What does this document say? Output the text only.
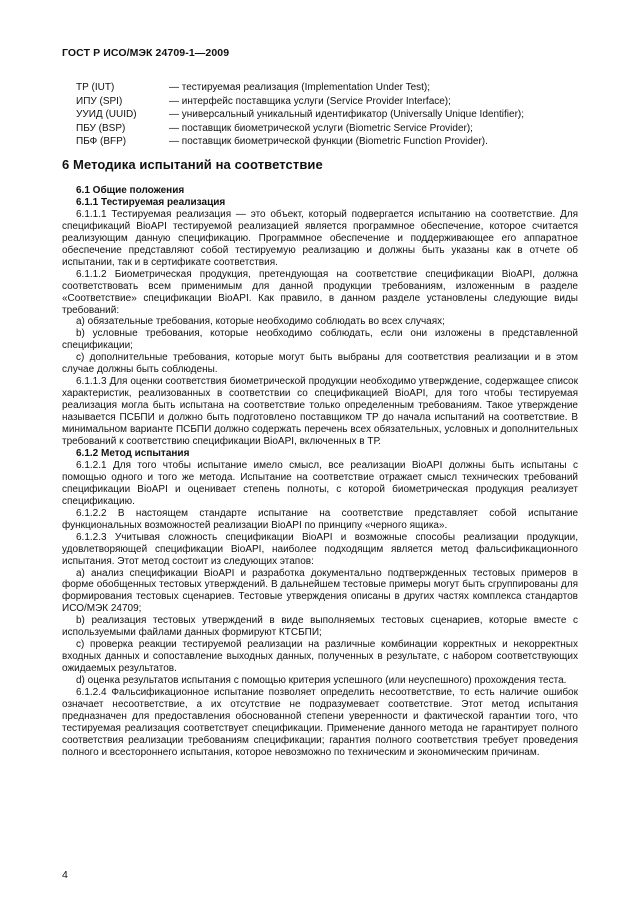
ГОСТ Р ИСО/МЭК 24709-1—2009
ТР (IUT)	— тестируемая реализация (Implementation Under Test);
ИПУ (SPI)	— интерфейс поставщика услуги (Service Provider Interface);
УУИД (UUID)	— универсальный уникальный идентификатор (Universally Unique Identifier);
ПБУ (BSP)	— поставщик биометрической услуги (Biometric Service Provider);
ПБФ (BFP)	— поставщик биометрической функции (Biometric Function Provider).
6 Методика испытаний на соответствие

6.1 Общие положения

6.1.1 Тестируемая реализация

6.1.1.1 Тестируемая реализация — это объект, который подвергается испытанию на соответствие. Для спецификаций BioAPI тестируемой реализацией является программное обеспечение, которое считается реализующим данную спецификацию. Программное обеспечение и поддерживающее его аппаратное обеспечение представляют собой тестируемую реализацию и должны быть указаны как в отчете об испытании, так и в сертификате соответствия.

6.1.1.2 Биометрическая продукция, претендующая на соответствие спецификации BioAPI, должна соответствовать всем применимым для данной продукции требованиям, изложенным в разделе «Соответствие» спецификации BioAPI. Как правило, в данном разделе установлены следующие виды требований:

a) обязательные требования, которые необходимо соблюдать во всех случаях;

b) условные требования, которые необходимо соблюдать, если они изложены в представленной спецификации;

c) дополнительные требования, которые могут быть выбраны для соответствия реализации и в этом случае должны быть соблюдены.

6.1.1.3 Для оценки соответствия биометрической продукции необходимо утверждение, содержащее список характеристик, реализованных в соответствии со спецификацией BioAPI, для того чтобы тестируемая реализация могла быть испытана на соответствие только определенным требованиям. Такое утверждение называется ПСБПИ и должно быть подготовлено поставщиком ТР до начала испытаний на соответствие. В минимальном варианте ПСБПИ должно содержать перечень всех обязательных, условных и дополнительных требований к соответствию спецификации BioAPI, включенных в ТР.

6.1.2 Метод испытания

6.1.2.1 Для того чтобы испытание имело смысл, все реализации BioAPI должны быть испытаны с помощью одного и того же метода. Испытание на соответствие отражает смысл технических требований спецификации BioAPI и оценивает степень полноты, с которой биометрическая продукция реализует спецификацию.

6.1.2.2 В настоящем стандарте испытание на соответствие представляет собой испытание функциональных возможностей реализации BioAPI по принципу «черного ящика».

6.1.2.3 Учитывая сложность спецификации BioAPI и возможные способы реализации продукции, удовлетворяющей спецификации BioAPI, наиболее подходящим является метод фальсификационного испытания. Этот метод состоит из следующих этапов:

a) анализ спецификации BioAPI и разработка документально подтвержденных тестовых примеров в форме обобщенных тестовых утверждений. В дальнейшем тестовые примеры могут быть сгруппированы для формирования тестовых сценариев. Тестовые утверждения описаны в других частях комплекса стандартов ИСО/МЭК 24709;

b) реализация тестовых утверждений в виде выполняемых тестовых сценариев, которые вместе с используемыми файлами данных формируют КТСБПИ;

c) проверка реакции тестируемой реализации на различные комбинации корректных и некорректных входных данных и сопоставление выходных данных, полученных в результате, с набором соответствующих ожидаемых результатов.

d) оценка результатов испытания с помощью критерия успешного (или неуспешного) прохождения теста.

6.1.2.4 Фальсификационное испытание позволяет определить несоответствие, то есть наличие ошибок означает несоответствие, а их отсутствие не подразумевает соответствие. Этот метод испытания предназначен для предоставления обоснованной степени уверенности и фактической гарантии того, что тестируемая реализация соответствует спецификации. Применение данного метода не гарантирует полного соответствия реализации требованиям спецификации; гарантия полного соответствия требует проведения полного и всестороннего испытания, которое невозможно по техническим и экономическим причинам.

4
